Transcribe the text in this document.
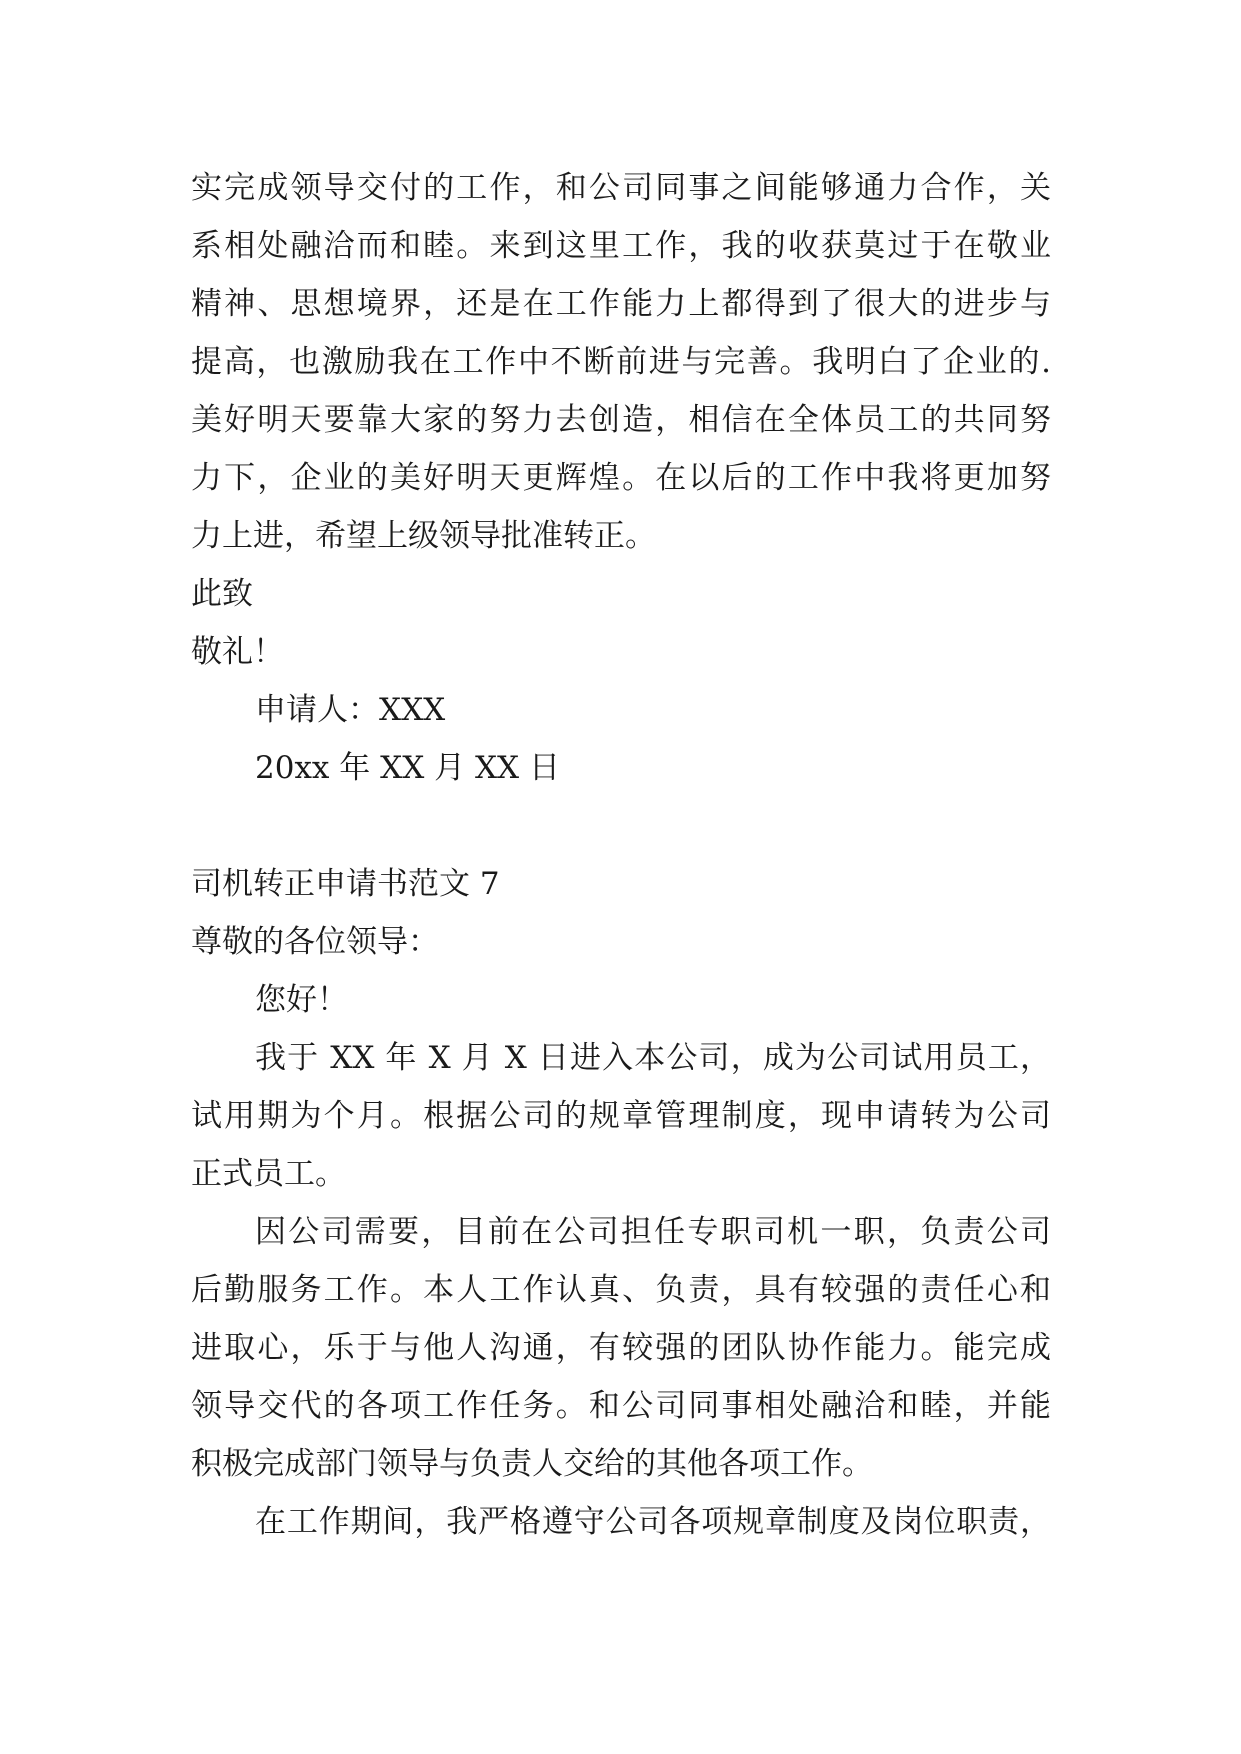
实完成领导交付的工作，和公司同事之间能够通力合作，关
系相处融洽而和睦。来到这里工作，我的收获莫过于在敬业
精神、思想境界，还是在工作能力上都得到了很大的进步与
提高，也激励我在工作中不断前进与完善。我明白了企业的.
美好明天要靠大家的努力去创造，相信在全体员工的共同努
力下，企业的美好明天更辉煌。在以后的工作中我将更加努
力上进，希望上级领导批准转正。
此致
敬礼！
申请人：XXX
20xx 年 XX 月 XX 日
司机转正申请书范文 7
尊敬的各位领导：
您好！
我于 XX 年 X 月 X 日进入本公司，成为公司试用员工，
试用期为个月。根据公司的规章管理制度，现申请转为公司
正式员工。
因公司需要，目前在公司担任专职司机一职，负责公司
后勤服务工作。本人工作认真、负责，具有较强的责任心和
进取心，乐于与他人沟通，有较强的团队协作能力。能完成
领导交代的各项工作任务。和公司同事相处融洽和睦，并能
积极完成部门领导与负责人交给的其他各项工作。
在工作期间，我严格遵守公司各项规章制度及岗位职责，
